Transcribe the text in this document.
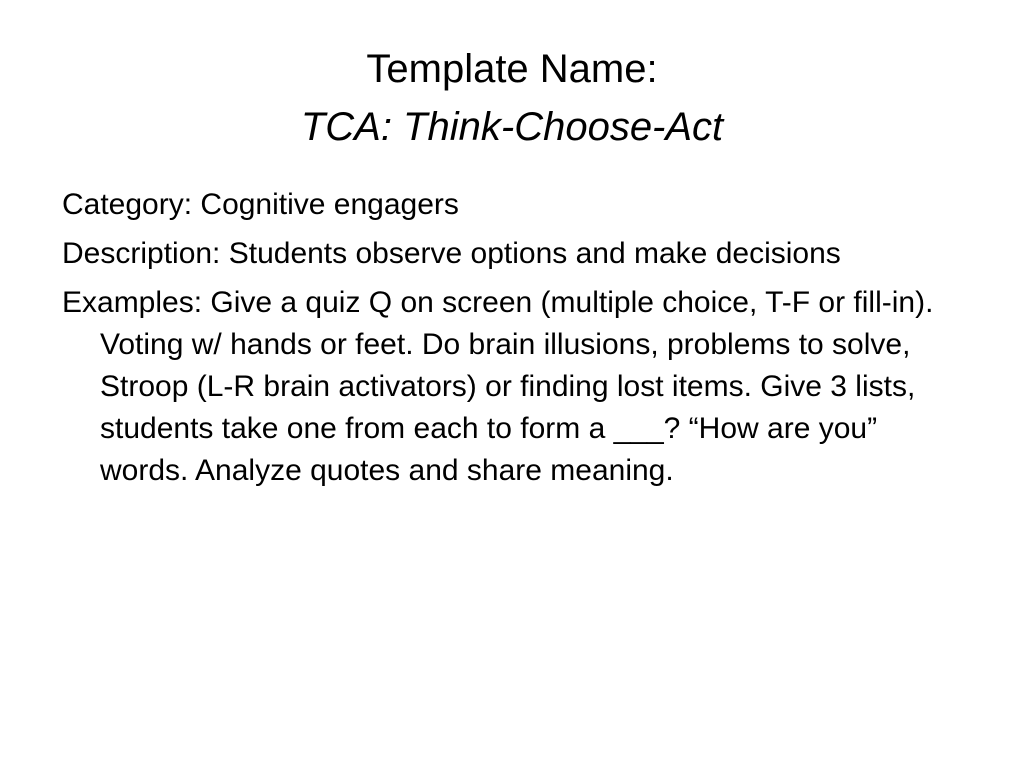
Template Name:
TCA: Think-Choose-Act

Category: Cognitive engagers

Description: Students observe options and make decisions

Examples: Give a quiz Q on screen (multiple choice, T-F or fill-in). Voting w/ hands or feet. Do brain illusions, problems to solve, Stroop (L-R brain activators) or finding lost items. Give 3 lists, students take one from each to form a ___? “How are you” words. Analyze quotes and share meaning.
